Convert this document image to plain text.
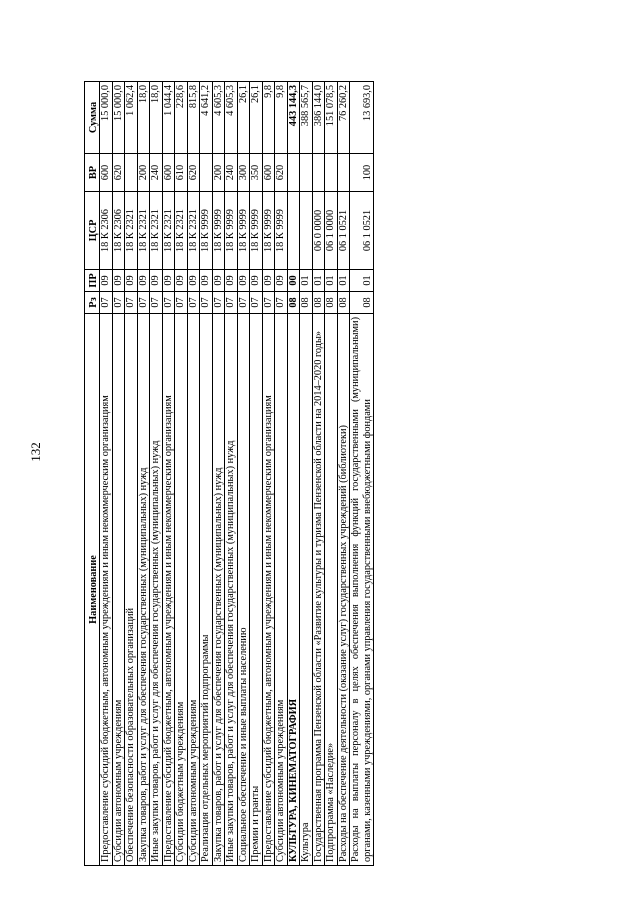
132
Наименование	Рз	ПР	ЦСР	ВР	Сумма
Предоставление субсидий бюджетным, автономным учреждениям и иным некоммерческим организациям	07	09	18 К 2306	600	15 000,0
Субсидии автономным учреждениям	07	09	18 К 2306	620	15 000,0
Обеспечение безопасности образовательных организаций	07	09	18 К 2321		1 062,4
Закупка товаров, работ и услуг для обеспечения государственных (муниципальных) нужд	07	09	18 К 2321	200	18,0
Иные закупки товаров, работ и услуг для обеспечения государственных (муниципальных) нужд	07	09	18 К 2321	240	18,0
Предоставление субсидий бюджетным, автономным учреждениям и иным некоммерческим организациям	07	09	18 К 2321	600	1 044,4
Субсидии бюджетным учреждениям	07	09	18 К 2321	610	228,6
Субсидии автономным учреждениям	07	09	18 К 2321	620	815,8
Реализация отдельных мероприятий подпрограммы	07	09	18 К 9999		4 641,2
Закупка товаров, работ и услуг для обеспечения государственных (муниципальных) нужд	07	09	18 К 9999	200	4 605,3
Иные закупки товаров, работ и услуг для обеспечения государственных (муниципальных) нужд	07	09	18 К 9999	240	4 605,3
Социальное обеспечение и иные выплаты населению	07	09	18 К 9999	300	26,1
Премии и гранты	07	09	18 К 9999	350	26,1
Предоставление субсидий бюджетным, автономным учреждениям и иным некоммерческим организациям	07	09	18 К 9999	600	9,8
Субсидии автономным учреждениям	07	09	18 К 9999	620	9,8
КУЛЬТУРА, КИНЕМАТОГРАФИЯ	08	00			443 144,3
Культура	08	01			388 565,7
Государственная программа Пензенской области «Развитие культуры и туризма Пензенской области на 2014–2020 годы»	08	01	06 0 0000		386 144,0
Подпрограмма «Наследие»	08	01	06 1 0000		151 078,5
Расходы на обеспечение деятельности (оказание услуг) государственных учреждений (библиотеки)	08	01	06 1 0521		76 260,2
Расходы на выплаты персоналу в целях обеспечения выполнения функций государственными (муниципальными) органами, казенными учреждениями, органами управления государственными внебюджетными фондами	08	01	06 1 0521	100	13 693,0
